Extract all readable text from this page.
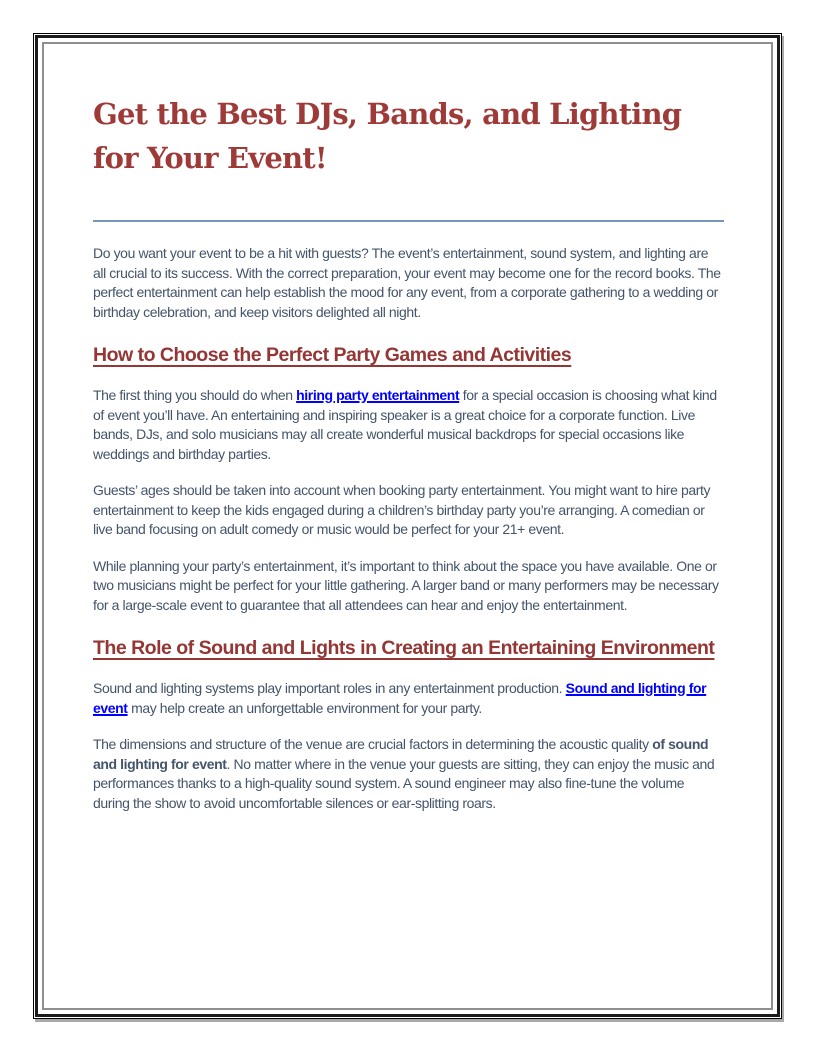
Get the Best DJs, Bands, and Lighting for Your Event!

Do you want your event to be a hit with guests? The event’s entertainment, sound system, and lighting are all crucial to its success. With the correct preparation, your event may become one for the record books. The perfect entertainment can help establish the mood for any event, from a corporate gathering to a wedding or birthday celebration, and keep visitors delighted all night.

How to Choose the Perfect Party Games and Activities

The first thing you should do when hiring party entertainment for a special occasion is choosing what kind of event you’ll have. An entertaining and inspiring speaker is a great choice for a corporate function. Live bands, DJs, and solo musicians may all create wonderful musical backdrops for special occasions like weddings and birthday parties.

Guests’ ages should be taken into account when booking party entertainment. You might want to hire party entertainment to keep the kids engaged during a children’s birthday party you’re arranging. A comedian or live band focusing on adult comedy or music would be perfect for your 21+ event.

While planning your party’s entertainment, it’s important to think about the space you have available. One or two musicians might be perfect for your little gathering. A larger band or many performers may be necessary for a large-scale event to guarantee that all attendees can hear and enjoy the entertainment.

The Role of Sound and Lights in Creating an Entertaining Environment

Sound and lighting systems play important roles in any entertainment production. Sound and lighting for event may help create an unforgettable environment for your party.

The dimensions and structure of the venue are crucial factors in determining the acoustic quality of sound and lighting for event. No matter where in the venue your guests are sitting, they can enjoy the music and performances thanks to a high-quality sound system. A sound engineer may also fine-tune the volume during the show to avoid uncomfortable silences or ear-splitting roars.
